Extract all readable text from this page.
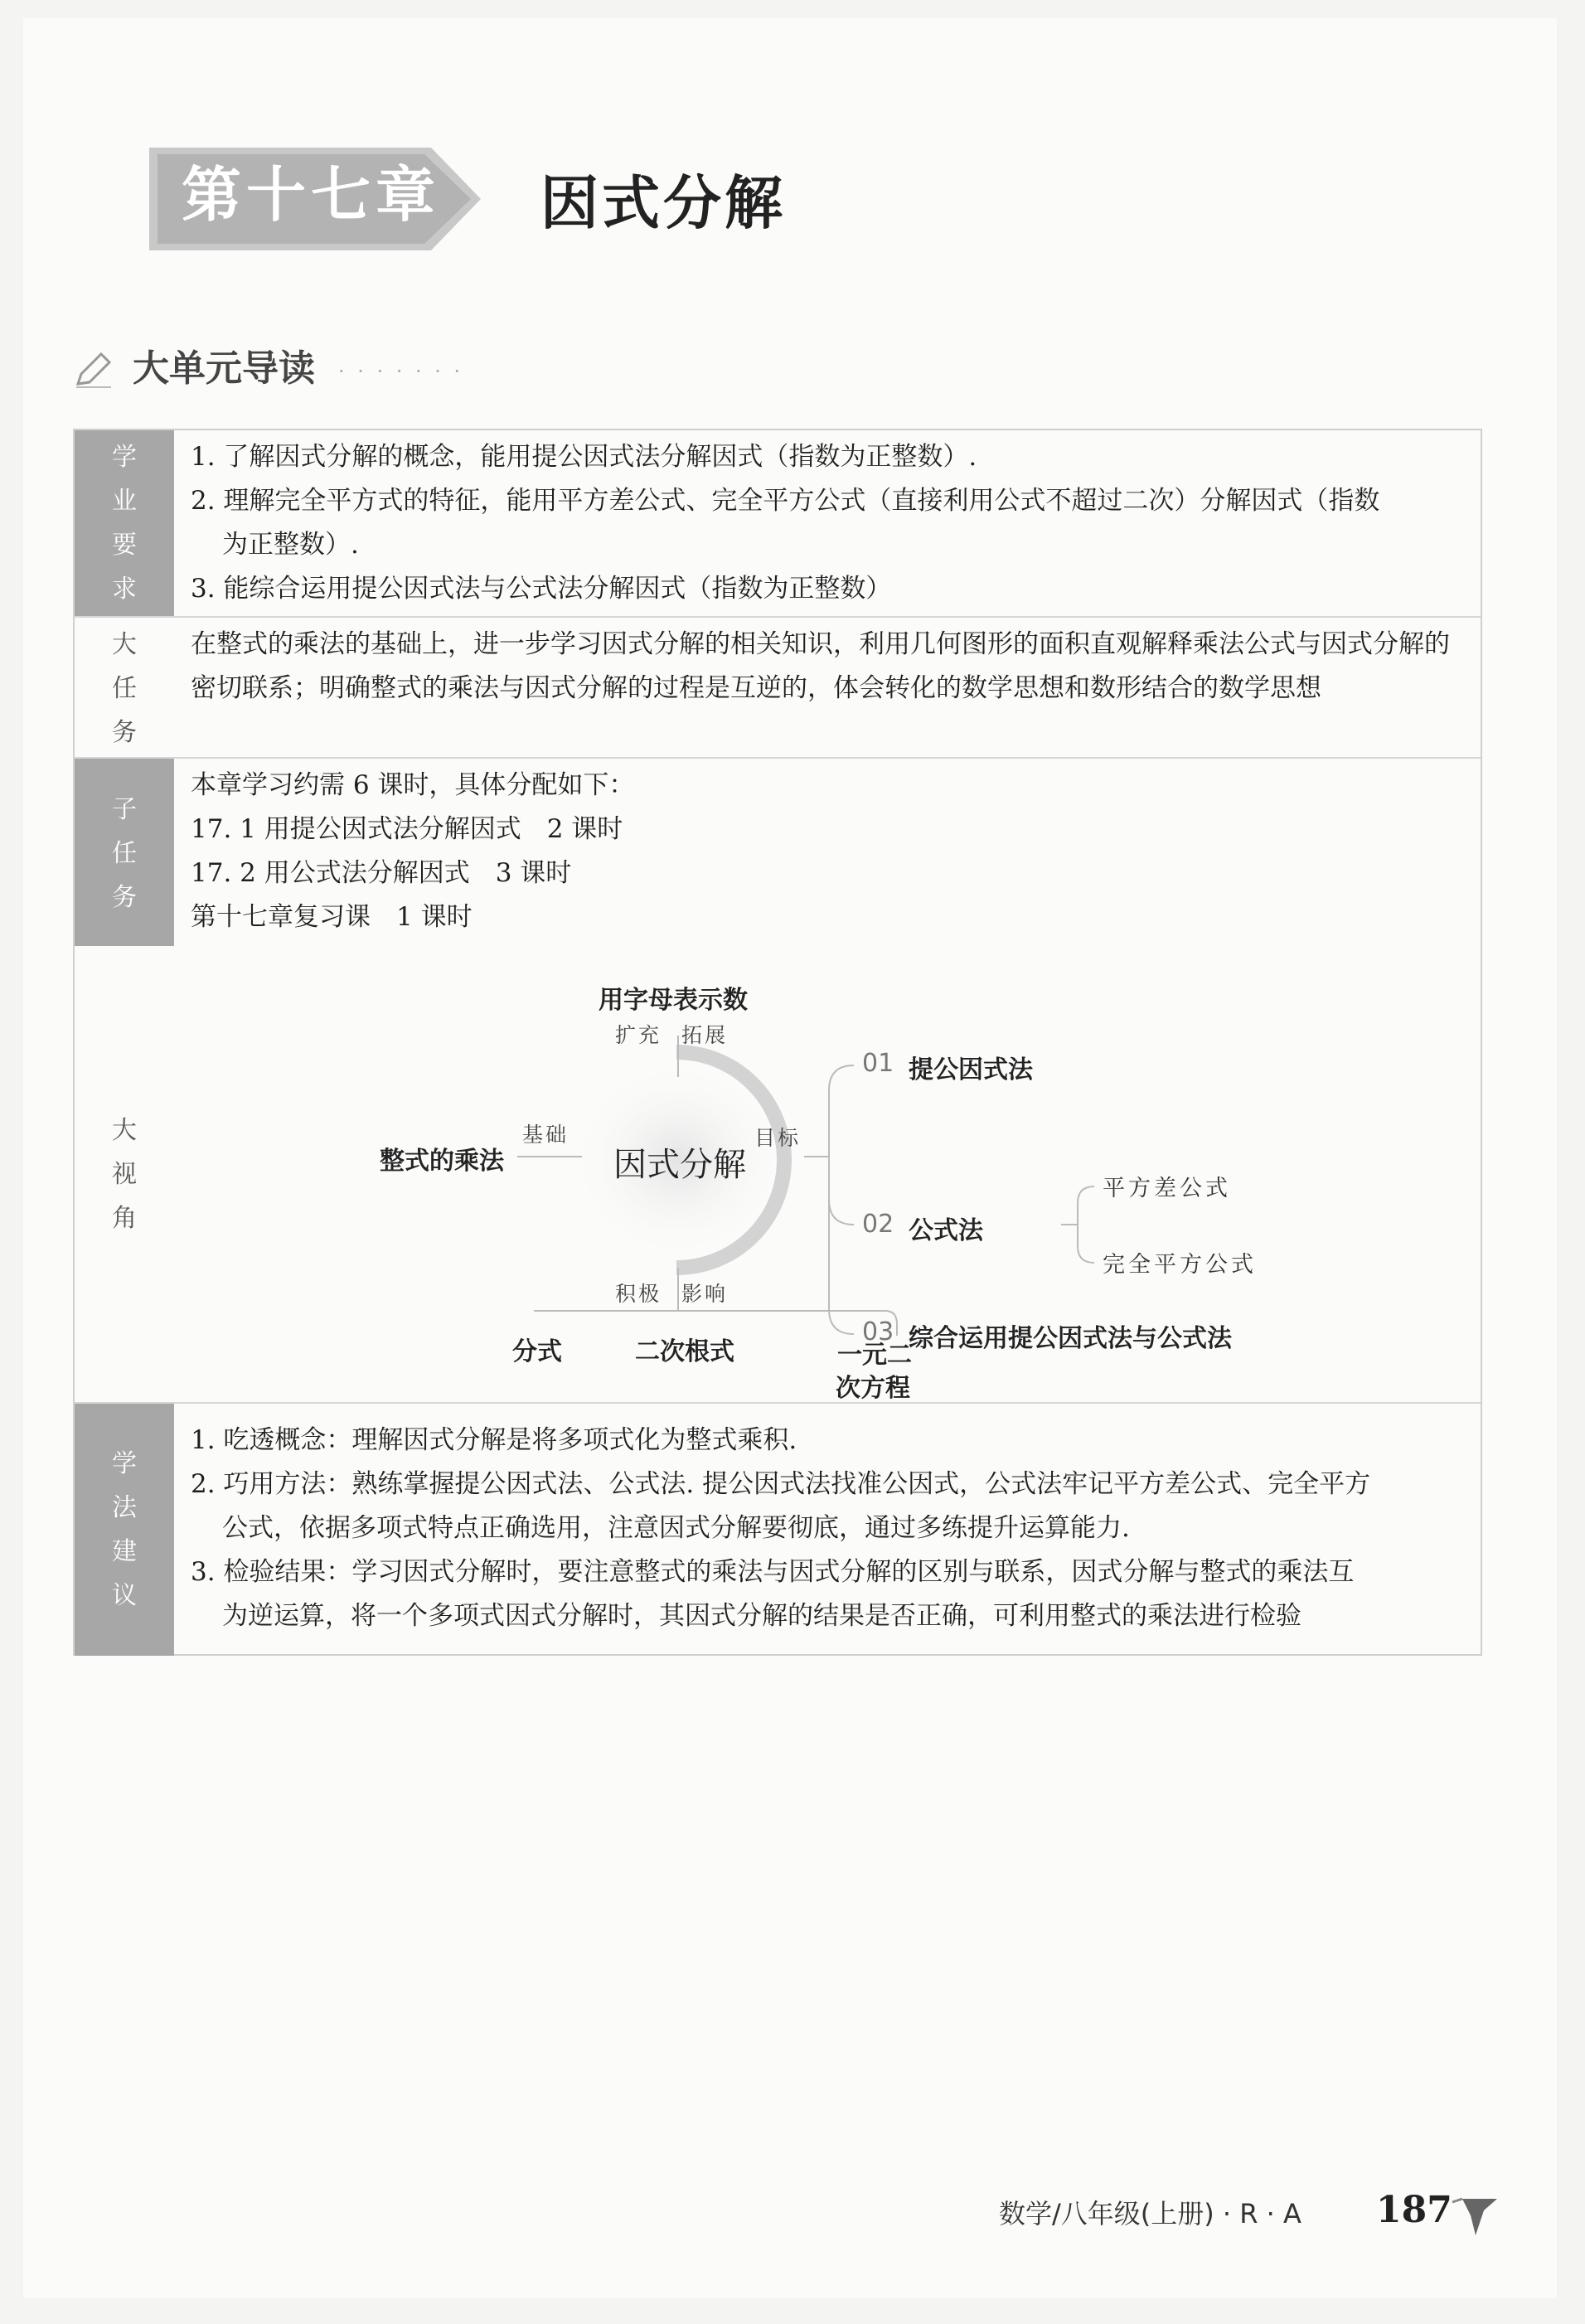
第十七章 因式分解
大单元导读 · · · · · · ·
学
业
要
求
1. 了解因式分解的概念，能用提公因式法分解因式（指数为正整数）.
2. 理解完全平方式的特征，能用平方差公式、完全平方公式（直接利用公式不超过二次）分解因式（指数
为正整数）.
3. 能综合运用提公因式法与公式法分解因式（指数为正整数）
大
任
务
在整式的乘法的基础上，进一步学习因式分解的相关知识，利用几何图形的面积直观解释乘法公式与因式分解的密切联系；明确整式的乘法与因式分解的过程是互逆的，体会转化的数学思想和数形结合的数学思想
子
任
务
本章学习约需 6 课时，具体分配如下：
17. 1 用提公因式法分解因式　2 课时
17. 2 用公式法分解因式　3 课时
第十七章复习课　1 课时
大
视
角
用字母表示数
扩充 拓展
整式的乘法
基础
因式分解
目标
积极 影响
分式	二次根式	一元二
次方程
01 提公因式法
02 公式法
平方差公式
完全平方公式
03 综合运用提公因式法与公式法
学
法
建
议
1. 吃透概念：理解因式分解是将多项式化为整式乘积.
2. 巧用方法：熟练掌握提公因式法、公式法. 提公因式法找准公因式，公式法牢记平方差公式、完全平方
公式，依据多项式特点正确选用，注意因式分解要彻底，通过多练提升运算能力.
3. 检验结果：学习因式分解时，要注意整式的乘法与因式分解的区别与联系，因式分解与整式的乘法互
为逆运算，将一个多项式因式分解时，其因式分解的结果是否正确，可利用整式的乘法进行检验
数学/八年级(上册) · R · A 187
